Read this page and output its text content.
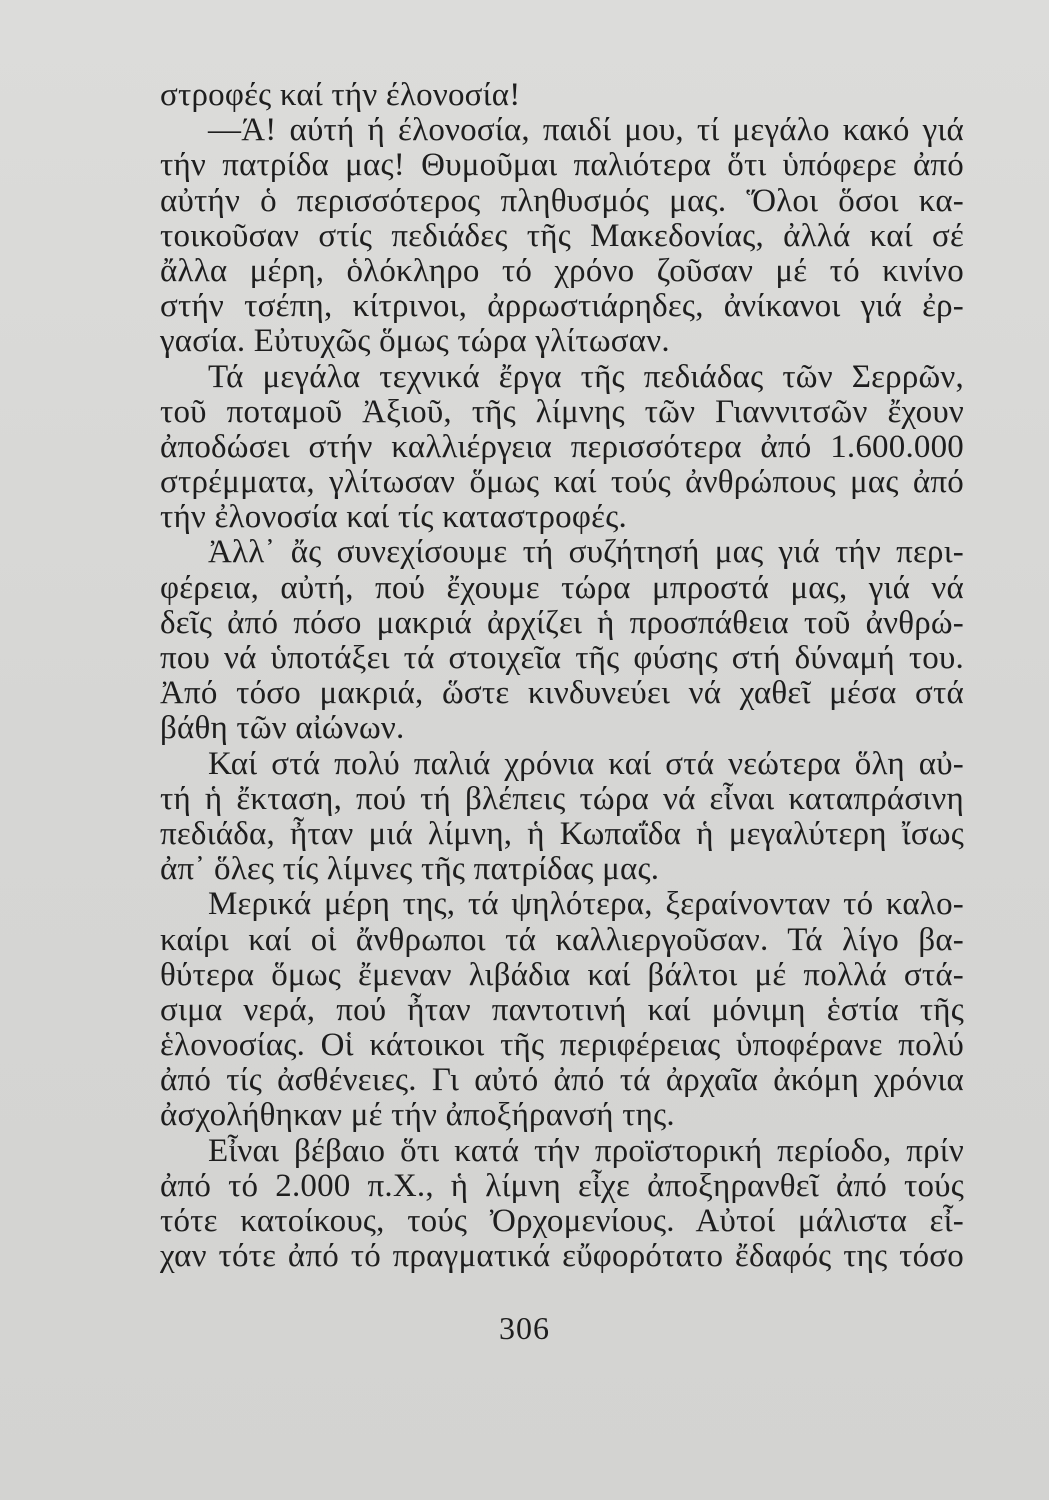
στροφές καί τήν έλονοσία!
—Ά! αύτή ή έλονοσία, παιδί μου, τί μεγάλο κακό γιά
τήν πατρίδα μας! Θυμοῦμαι παλιότερα ὅτι ὑπόφερε ἀπό
αὐτήν ὁ περισσότερος πληθυσμός μας. Ὅλοι ὅσοι κα-
τοικοῦσαν στίς πεδιάδες τῆς Μακεδονίας, ἀλλά καί σέ
ἄλλα μέρη, ὁλόκληρο τό χρόνο ζοῦσαν μέ τό κινίνο
στήν τσέπη, κίτρινοι, ἀρρωστιάρηδες, ἀνίκανοι γιά ἐρ-
γασία. Εὐτυχῶς ὅμως τώρα γλίτωσαν.
Τά μεγάλα τεχνικά ἔργα τῆς πεδιάδας τῶν Σερρῶν,
τοῦ ποταμοῦ Ἀξιοῦ, τῆς λίμνης τῶν Γιαννιτσῶν ἔχουν
ἀποδώσει στήν καλλιέργεια περισσότερα ἀπό 1.600.000
στρέμματα, γλίτωσαν ὅμως καί τούς ἀνθρώπους μας ἀπό
τήν ἐλονοσία καί τίς καταστροφές.
Ἀλλ᾽ ἄς συνεχίσουμε τή συζήτησή μας γιά τήν περι-
φέρεια, αὐτή, πού ἔχουμε τώρα μπροστά μας, γιά νά
δεῖς ἀπό πόσο μακριά ἀρχίζει ἡ προσπάθεια τοῦ ἀνθρώ-
που νά ὑποτάξει τά στοιχεῖα τῆς φύσης στή δύναμή του.
Ἀπό τόσο μακριά, ὥστε κινδυνεύει νά χαθεῖ μέσα στά
βάθη τῶν αἰώνων.
Καί στά πολύ παλιά χρόνια καί στά νεώτερα ὅλη αὐ-
τή ἡ ἔκταση, πού τή βλέπεις τώρα νά εἶναι καταπράσινη
πεδιάδα, ἦταν μιά λίμνη, ἡ Κωπαΐδα ἡ μεγαλύτερη ἴσως
ἀπ᾽ ὅλες τίς λίμνες τῆς πατρίδας μας.
Μερικά μέρη της, τά ψηλότερα, ξεραίνονταν τό καλο-
καίρι καί οἱ ἄνθρωποι τά καλλιεργοῦσαν. Τά λίγο βα-
θύτερα ὅμως ἔμεναν λιβάδια καί βάλτοι μέ πολλά στά-
σιμα νερά, πού ἦταν παντοτινή καί μόνιμη ἑστία τῆς
ἑλονοσίας. Οἱ κάτοικοι τῆς περιφέρειας ὑποφέρανε πολύ
ἀπό τίς ἀσθένειες. Γι αὐτό ἀπό τά ἀρχαῖα ἀκόμη χρόνια
ἀσχολήθηκαν μέ τήν ἀποξήρανσή της.
Εἶναι βέβαιο ὅτι κατά τήν προϊστορική περίοδο, πρίν
ἀπό τό 2.000 π.Χ., ἡ λίμνη εἶχε ἀποξηρανθεῖ ἀπό τούς
τότε κατοίκους, τούς Ὀρχομενίους. Αὐτοί μάλιστα εἶ-
χαν τότε ἀπό τό πραγματικά εὔφορότατο ἔδαφός της τόσο
306
